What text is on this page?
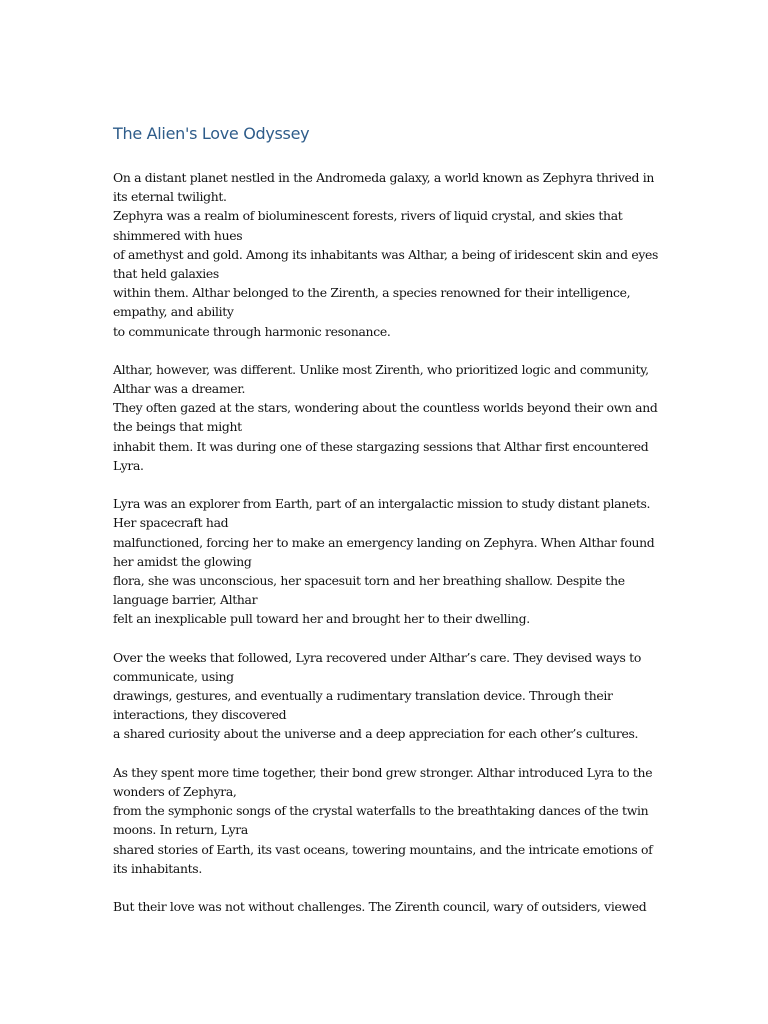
The Alien's Love Odyssey
On a distant planet nestled in the Andromeda galaxy, a world known as Zephyra thrived in
its eternal twilight.
Zephyra was a realm of bioluminescent forests, rivers of liquid crystal, and skies that
shimmered with hues
of amethyst and gold. Among its inhabitants was Althar, a being of iridescent skin and eyes
that held galaxies
within them. Althar belonged to the Zirenth, a species renowned for their intelligence,
empathy, and ability
to communicate through harmonic resonance.
Althar, however, was different. Unlike most Zirenth, who prioritized logic and community,
Althar was a dreamer.
They often gazed at the stars, wondering about the countless worlds beyond their own and
the beings that might
inhabit them. It was during one of these stargazing sessions that Althar first encountered
Lyra.
Lyra was an explorer from Earth, part of an intergalactic mission to study distant planets.
Her spacecraft had
malfunctioned, forcing her to make an emergency landing on Zephyra. When Althar found
her amidst the glowing
flora, she was unconscious, her spacesuit torn and her breathing shallow. Despite the
language barrier, Althar
felt an inexplicable pull toward her and brought her to their dwelling.
Over the weeks that followed, Lyra recovered under Althar’s care. They devised ways to
communicate, using
drawings, gestures, and eventually a rudimentary translation device. Through their
interactions, they discovered
a shared curiosity about the universe and a deep appreciation for each other’s cultures.
As they spent more time together, their bond grew stronger. Althar introduced Lyra to the
wonders of Zephyra,
from the symphonic songs of the crystal waterfalls to the breathtaking dances of the twin
moons. In return, Lyra
shared stories of Earth, its vast oceans, towering mountains, and the intricate emotions of
its inhabitants.
But their love was not without challenges. The Zirenth council, wary of outsiders, viewed
